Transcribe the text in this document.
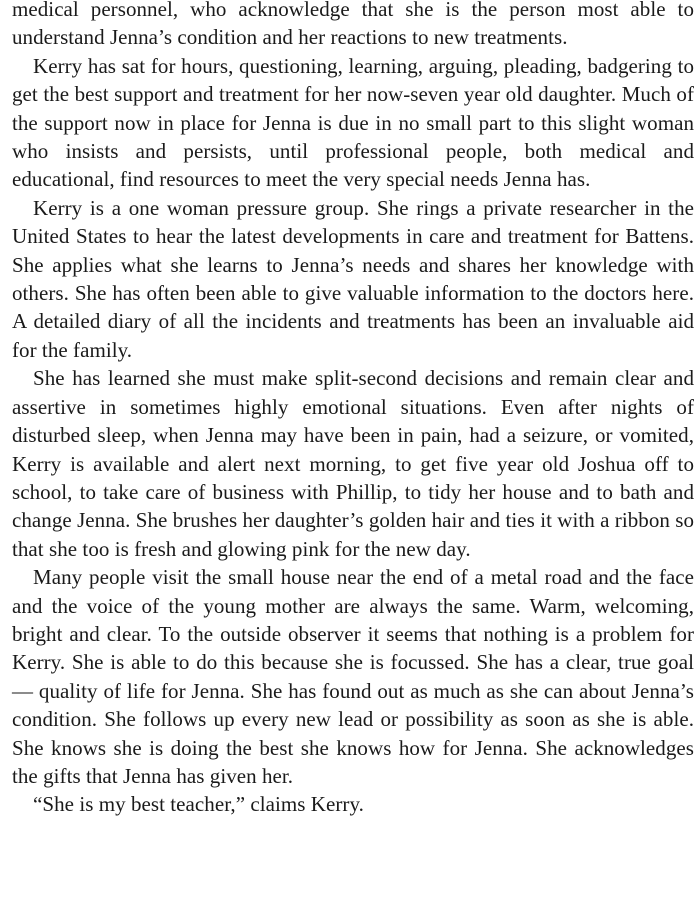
medical personnel, who acknowledge that she is the person most able to understand Jenna’s condition and her reactions to new treatments.

Kerry has sat for hours, questioning, learning, arguing, pleading, badgering to get the best support and treatment for her now-seven year old daughter. Much of the support now in place for Jenna is due in no small part to this slight woman who insists and persists, until professional people, both medical and educational, find resources to meet the very special needs Jenna has.

Kerry is a one woman pressure group. She rings a private researcher in the United States to hear the latest developments in care and treatment for Battens. She applies what she learns to Jenna’s needs and shares her knowledge with others. She has often been able to give valuable information to the doctors here. A detailed diary of all the incidents and treatments has been an invaluable aid for the family.

She has learned she must make split-second decisions and remain clear and assertive in sometimes highly emotional situations. Even after nights of disturbed sleep, when Jenna may have been in pain, had a seizure, or vomited, Kerry is available and alert next morning, to get five year old Joshua off to school, to take care of business with Phillip, to tidy her house and to bath and change Jenna. She brushes her daughter’s golden hair and ties it with a ribbon so that she too is fresh and glowing pink for the new day.

Many people visit the small house near the end of a metal road and the face and the voice of the young mother are always the same. Warm, welcoming, bright and clear. To the outside observer it seems that nothing is a problem for Kerry. She is able to do this because she is focussed. She has a clear, true goal — quality of life for Jenna. She has found out as much as she can about Jenna’s condition. She follows up every new lead or possibility as soon as she is able. She knows she is doing the best she knows how for Jenna. She acknowledges the gifts that Jenna has given her.

“She is my best teacher,” claims Kerry.
